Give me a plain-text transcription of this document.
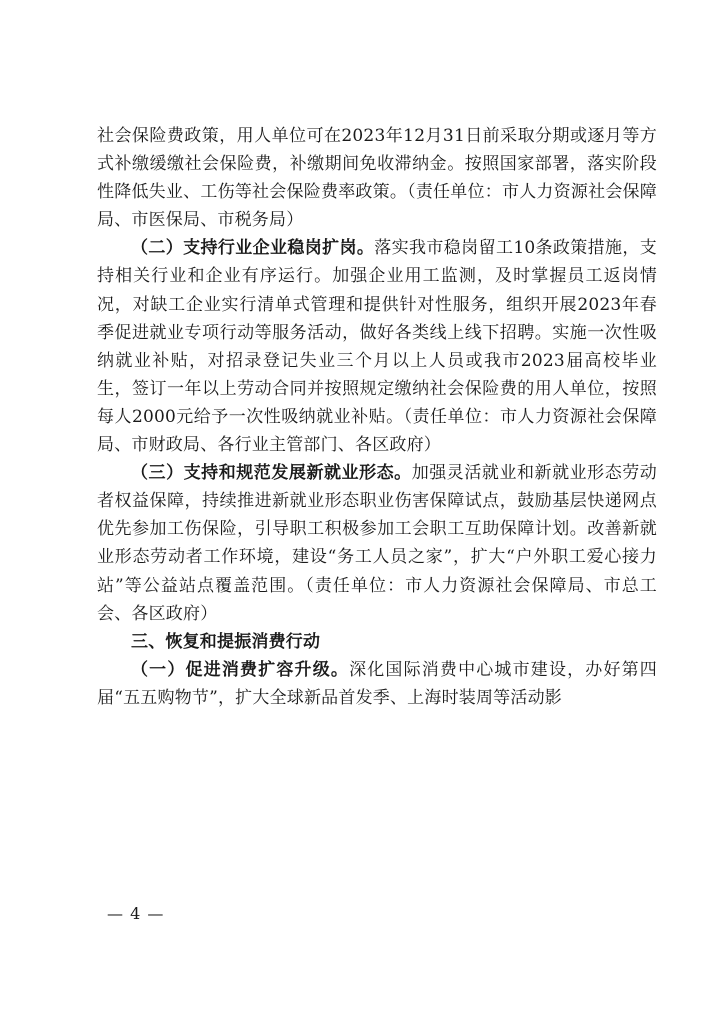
社会保险费政策，用人单位可在2023年12月31日前采取分期或逐月等方式补缴缓缴社会保险费，补缴期间免收滞纳金。按照国家部署，落实阶段性降低失业、工伤等社会保险费率政策。（责任单位：市人力资源社会保障局、市医保局、市税务局）

（二）支持行业企业稳岗扩岗。落实我市稳岗留工10条政策措施，支持相关行业和企业有序运行。加强企业用工监测，及时掌握员工返岗情况，对缺工企业实行清单式管理和提供针对性服务，组织开展2023年春季促进就业专项行动等服务活动，做好各类线上线下招聘。实施一次性吸纳就业补贴，对招录登记失业三个月以上人员或我市2023届高校毕业生，签订一年以上劳动合同并按照规定缴纳社会保险费的用人单位，按照每人2000元给予一次性吸纳就业补贴。（责任单位：市人力资源社会保障局、市财政局、各行业主管部门、各区政府）

（三）支持和规范发展新就业形态。加强灵活就业和新就业形态劳动者权益保障，持续推进新就业形态职业伤害保障试点，鼓励基层快递网点优先参加工伤保险，引导职工积极参加工会职工互助保障计划。改善新就业形态劳动者工作环境，建设“务工人员之家”，扩大“户外职工爱心接力站”等公益站点覆盖范围。（责任单位：市人力资源社会保障局、市总工会、各区政府）

三、恢复和提振消费行动

（一）促进消费扩容升级。深化国际消费中心城市建设，办好第四届“五五购物节”，扩大全球新品首发季、上海时装周等活动影

— 4 —
